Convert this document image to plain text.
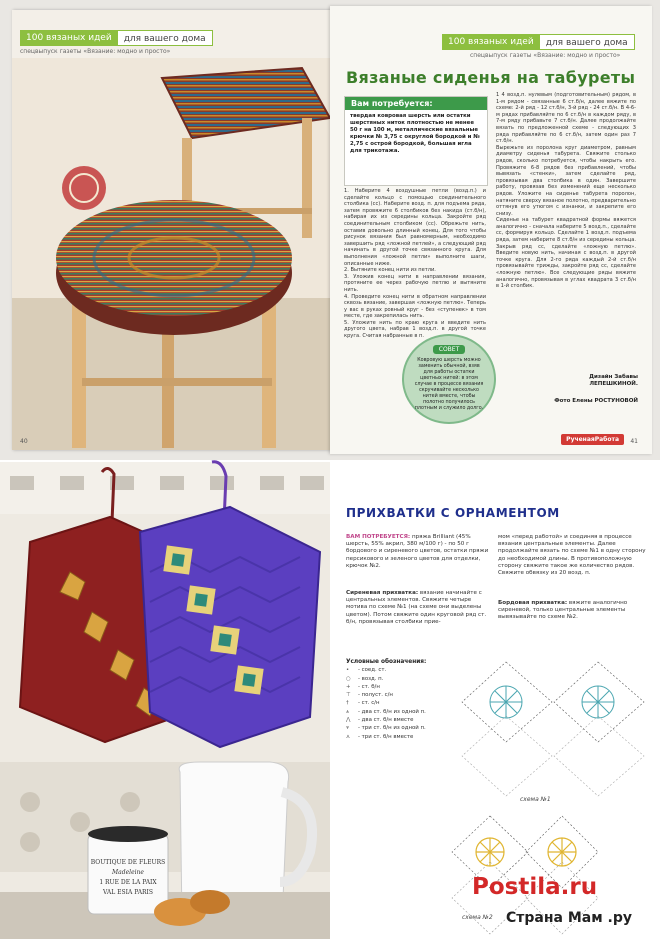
100 вязаных идей	для вашего дома
спецвыпуск газеты «Вязание: модно и просто»
40
100 вязаных идей	для вашего дома
спецвыпуск газеты «Вязание: модно и просто»
Вязаные сиденья на табуреты
Вам потребуется:
твердая ковровая шерсть или остатки шерстяных ниток плотностью не менее 50 г на 100 м, металлические вязальные крючки № 3,75 с округлой бородкой и № 2,75 с острой бородкой, большая игла для трикотажа.
1. Наберите 4 воздушные петли (возд.п.) и сделайте кольцо с помощью соединительного столбика (сс). Наберите возд. п. для подъема ряда, затем провяжите 6 столбиков без накида (ст.б/н), набирая их из середины кольца. Закройте ряд соединительным столбиком (сс). Обрежьте нить, оставив довольно длинный конец. Для того чтобы рисунок вязания был равномерным, необходимо завершить ряд «ложной петлей», а следующий ряд начинать в другой точке связанного круга. Для выполнения «ложной петли» выполните шаги, описанные ниже.
2. Вытяните конец нити из петли.
3. Уложив конец нити в направлении вязания, протяните ее через рабочую петлю и вытяните нить.
4. Проведите конец нити в обратном направлении сквозь вязание, завершая «ложную петлю». Теперь у вас в руках ровный круг - без «ступенек» в том месте, где закрепилась нить.
5. Уложите нить по краю круга и введите нить другого цвета, набрав 1 возд.п. в другой точке круга. Считая набранные в п.
1 4 возд.п. нулевым (подготовительным) рядом, в 1-м рядом - связанные 6 ст.б/н, далее вяжите по схеме: 2-й ряд - 12 ст.б/н, 3-й ряд - 24 ст.б/н. В 4-6-м рядах прибавляйте по 6 ст.б/н в каждом ряду, в 7-м ряду прибавьте 7 ст.б/н. Далее продолжайте вязать по предложенной схеме - следующих 3 ряда прибавляйте по 6 ст.б/н, затем один раз 7 ст.б/н.
Вырежьте из поролона круг диаметром, равным диаметру сиденья табурета. Свяжите столько рядов, сколько потребуется, чтобы накрыть его. Провяжите 6-8 рядов без прибавлений, чтобы вывязать «стенки», затем сделайте ряд, провязывая два столбика в один. Завершите работу, провязав без изменений еще несколько рядов. Уложите на сиденье табурета поролон, натяните сверху вязаное полотно, предварительно оттянув его утюгом с изнанки, и закрепите его снизу.
Сиденье на табурет квадратной формы вяжется аналогично - сначала наберите 5 возд.п., сделайте сс, формируя кольцо. Сделайте 1 возд.п. подъема ряда, затем наберите 8 ст.б/н из середины кольца. Закрыв ряд сс, сделайте «ложную петлю». Введите новую нить, начиная с возд.п. в другой точке круга. Для 2-го ряда каждый 2-й ст.б/н провязывайте трижды, закройте ряд сс, сделайте «ложную петлю». Все следующие ряды вяжите аналогично, провязывая в углах квадрата 3 ст.б/н в 1-й столбик.
СОВЕТ
Ковровую шерсть можно заменить обычной, взяв для работы остатки цветных нитей: в этом случае в процессе вязания скручивайте несколько нитей вместе, чтобы полотно получилось плотным и служило долго.
Дизайн Забавы ЛЕПЕШКИНОЙ.
Фото Елены РОСТУНОВОЙ
РученаяРабота	41
BOUTIQUE DE FLEURS
Madeleine
1 RUE DE LA PAIX
VAL ESIA PARIS
ПРИХВАТКИ С ОРНАМЕНТОМ
ВАМ ПОТРЕБУЕТСЯ: пряжа Brilliant (45% шерсть, 55% акрил, 380 м/100 г) - по 50 г бордового и сиреневого цветов, остатки пряжи персикового и зеленого цветов для отделки, крючок №2.
Сиреневая прихватка: вязание начинайте с центральных элементов. Свяжите четыре мотива по схеме №1 (на схеме они выделены цветом). Потом свяжите один круговой ряд ст. б/н, провязывая столбики прие-
мом «перед работой» и соединяя в процессе вязания центральные элементы. Далее продолжайте вязать по схеме №1 в одну сторону до необходимой длины. В противоположную сторону свяжите такое же количество рядов. Свяжите обвязку из 20 возд. п.
Бордовая прихватка: вяжите аналогично сиреневой, только центральные элементы вывязывайте по схеме №2.
Условные обозначения:
• - соед. ст.
○ - возд. п.
+ - ст. б/н
⊤ - полуст. с/н
† - ст. с/н
⩚ - два ст. б/н из одной п.
⋀ - два ст. б/н вместе
⩛ - три ст. б/н из одной п.
⋏ - три ст. б/н вместе
схема №1
схема №2
Postila.ru
Страна Мам .ру
